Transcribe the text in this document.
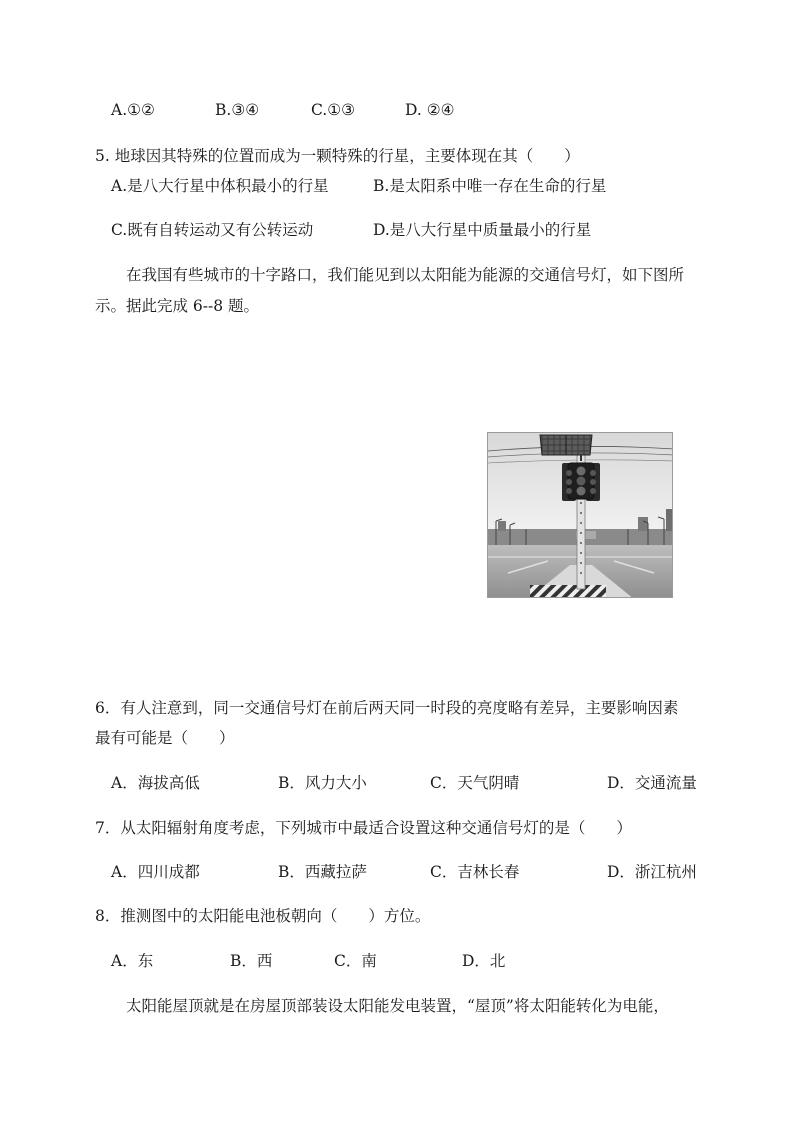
A.①②	B.③④	C.①③	D. ②④
5. 地球因其特殊的位置而成为一颗特殊的行星，主要体现在其（　　）
A.是八大行星中体积最小的行星	B.是太阳系中唯一存在生命的行星
C.既有自转运动又有公转运动	D.是八大行星中质量最小的行星
在我国有些城市的十字路口，我们能见到以太阳能为能源的交通信号灯，如下图所
示。据此完成 6--8 题。
6．有人注意到，同一交通信号灯在前后两天同一时段的亮度略有差异，主要影响因素
最有可能是（　　）
A．海拔高低	B．风力大小	C．天气阴晴	D．交通流量
7．从太阳辐射角度考虑，下列城市中最适合设置这种交通信号灯的是（　　）
A．四川成都	B．西藏拉萨	C．吉林长春	D．浙江杭州
8．推测图中的太阳能电池板朝向（　　）方位。
A．东	B．西	C．南	D．北
太阳能屋顶就是在房屋顶部装设太阳能发电装置，“屋顶”将太阳能转化为电能，
